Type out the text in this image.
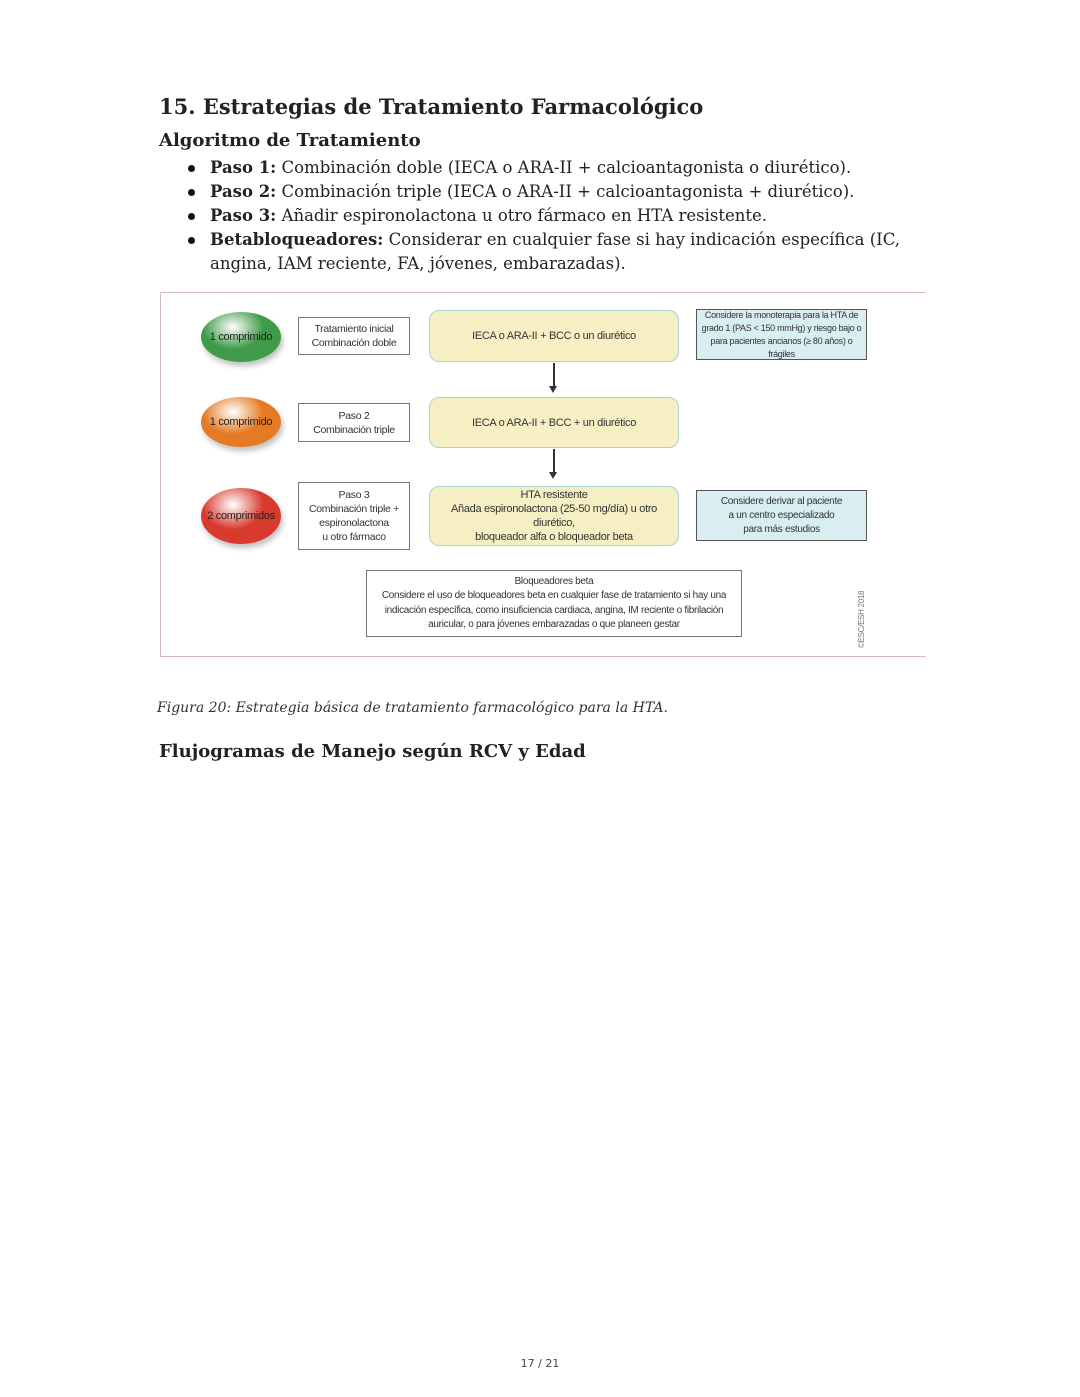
15. Estrategias de Tratamiento Farmacológico
Algoritmo de Tratamiento
Paso 1: Combinación doble (IECA o ARA-II + calcioantagonista o diurético).
Paso 2: Combinación triple (IECA o ARA-II + calcioantagonista + diurético).
Paso 3: Añadir espironolactona u otro fármaco en HTA resistente.
Betabloqueadores: Considerar en cualquier fase si hay indicación específica (IC, angina, IAM reciente, FA, jóvenes, embarazadas).
1 comprimido
Tratamiento inicial
Combinación doble
IECA o ARA-II + BCC o un diurético
1 comprimido
Paso 2
Combinación triple
IECA o ARA-II + BCC + un diurético
2 comprimidos
Paso 3
Combinación triple +
espironolactona
u otro fármaco
HTA resistente
Añada espironolactona (25-50 mg/día) u otro diurético,
bloqueador alfa o bloqueador beta
Considere la monoterapia para la HTA de
grado 1 (PAS < 150 mmHg) y riesgo bajo o
para pacientes ancianos (≥ 80 años) o frágiles
Considere derivar al paciente
a un centro especializado
para más estudios
Bloqueadores beta
Considere el uso de bloqueadores beta en cualquier fase de tratamiento si hay una
indicación específica, como insuficiencia cardiaca, angina, IM reciente o fibrilación
auricular, o para jóvenes embarazadas o que planeen gestar	©ESC/ESH 2018
Figura 20: Estrategia básica de tratamiento farmacológico para la HTA.
Flujogramas de Manejo según RCV y Edad
17 / 21
